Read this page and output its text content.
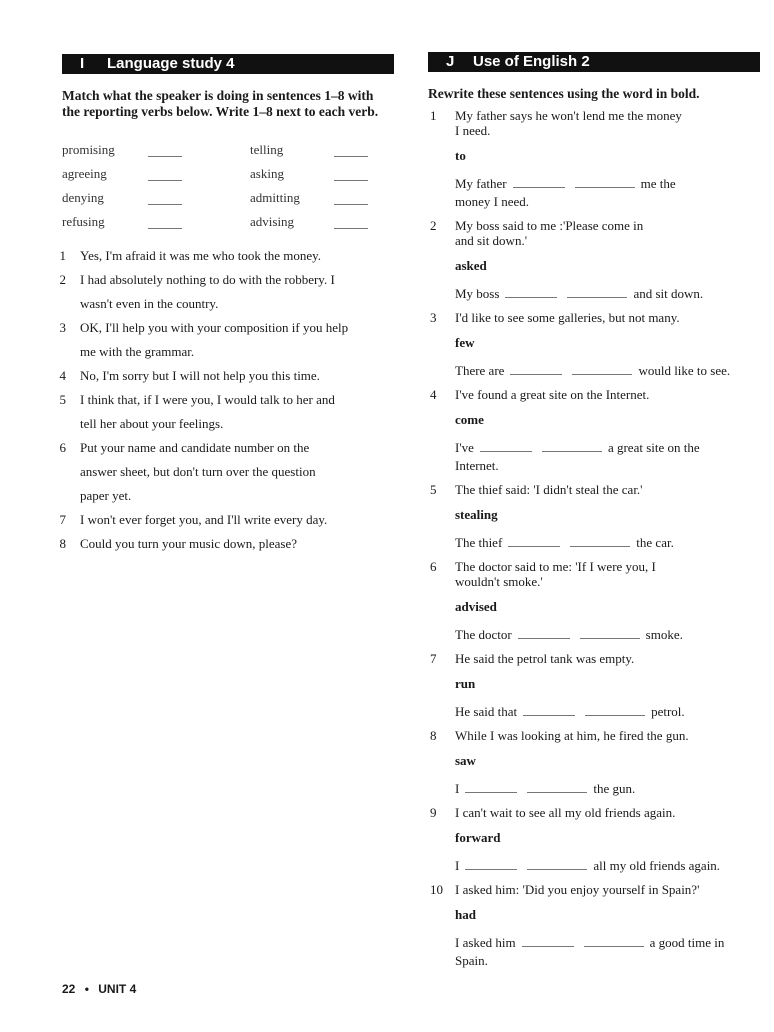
I Language study 4	J Use of English 2
Match what the speaker is doing in sentences 1–8 with the reporting verbs below. Write 1–8 next to each verb.
promising	telling
agreeing	asking
denying	admitting
refusing	advising
1 Yes, I'm afraid it was me who took the money.
2 I had absolutely nothing to do with the robbery. I
wasn't even in the country.
3 OK, I'll help you with your composition if you help
me with the grammar.
4 No, I'm sorry but I will not help you this time.
5 I think that, if I were you, I would talk to her and
tell her about your feelings.
6 Put your name and candidate number on the
answer sheet, but don't turn over the question
paper yet.
7 I won't ever forget you, and I'll write every day.
8 Could you turn your music down, please?
Rewrite these sentences using the word in bold.
1	My father says he won't lend me the money
I need.
to
My father	me the
money I need.
2	My boss said to me :'Please come in
and sit down.'
asked
My boss	and sit down.
3	I'd like to see some galleries, but not many.
few
There are	would like to see.
4	I've found a great site on the Internet.
come
I've	a great site on the
Internet.
5	The thief said: 'I didn't steal the car.'
stealing
The thief	the car.
6	The doctor said to me: 'If I were you, I
wouldn't smoke.'
advised
The doctor	smoke.
7	He said the petrol tank was empty.
run
He said that	petrol.
8	While I was looking at him, he fired the gun.
saw
I	the gun.
9	I can't wait to see all my old friends again.
forward
I	all my old friends again.
10 I asked him: 'Did you enjoy yourself in Spain?'
had
I asked him	a good time in
Spain.
22 • UNIT 4
